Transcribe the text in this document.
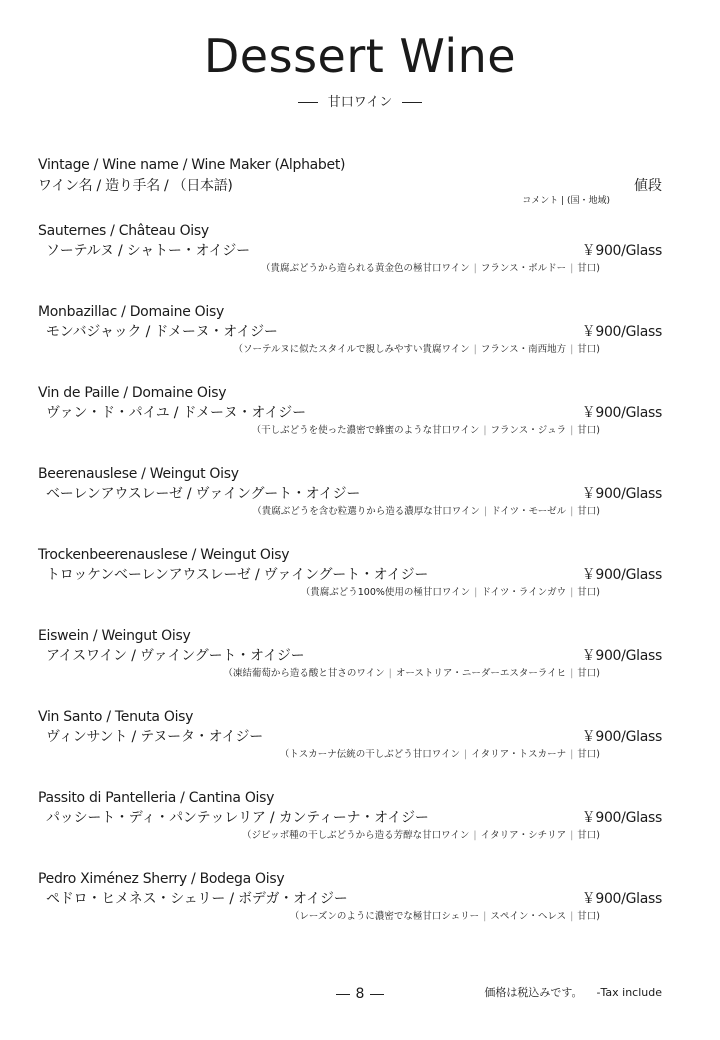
Dessert Wine
甘口ワイン
Vintage / Wine name / Wine Maker (Alphabet)
ワイン名 / 造り手名 / （日本語)	値段
コメント | (国・地域)
Sauternes / Château Oisy
ソーテルヌ / シャトー・オイジー	￥900/Glass
（貴腐ぶどうから造られる黄金色の極甘口ワイン | フランス・ボルドー | 甘口)
Monbazillac / Domaine Oisy
モンバジャック / ドメーヌ・オイジー	￥900/Glass
（ソーテルヌに似たスタイルで親しみやすい貴腐ワイン | フランス・南西地方 | 甘口)
Vin de Paille / Domaine Oisy
ヴァン・ド・パイユ / ドメーヌ・オイジー	￥900/Glass
（干しぶどうを使った濃密で蜂蜜のような甘口ワイン | フランス・ジュラ | 甘口)
Beerenauslese / Weingut Oisy
ベーレンアウスレーゼ / ヴァイングート・オイジー	￥900/Glass
（貴腐ぶどうを含む粒選りから造る濃厚な甘口ワイン | ドイツ・モーゼル | 甘口)
Trockenbeerenauslese / Weingut Oisy
トロッケンベーレンアウスレーゼ / ヴァイングート・オイジー	￥900/Glass
（貴腐ぶどう100%使用の極甘口ワイン | ドイツ・ラインガウ | 甘口)
Eiswein / Weingut Oisy
アイスワイン / ヴァイングート・オイジー	￥900/Glass
（凍結葡萄から造る酸と甘さのワイン | オーストリア・ニーダーエスターライヒ | 甘口)
Vin Santo / Tenuta Oisy
ヴィンサント / テヌータ・オイジー	￥900/Glass
（トスカーナ伝統の干しぶどう甘口ワイン | イタリア・トスカーナ | 甘口)
Passito di Pantelleria / Cantina Oisy
パッシート・ディ・パンテッレリア / カンティーナ・オイジー	￥900/Glass
（ジビッボ種の干しぶどうから造る芳醇な甘口ワイン | イタリア・シチリア | 甘口)
Pedro Ximénez Sherry / Bodega Oisy
ペドロ・ヒメネス・シェリー / ボデガ・オイジー	￥900/Glass
（レーズンのように濃密でな極甘口シェリー | スペイン・ヘレス | 甘口)
8	価格は税込みです。 -Tax include
